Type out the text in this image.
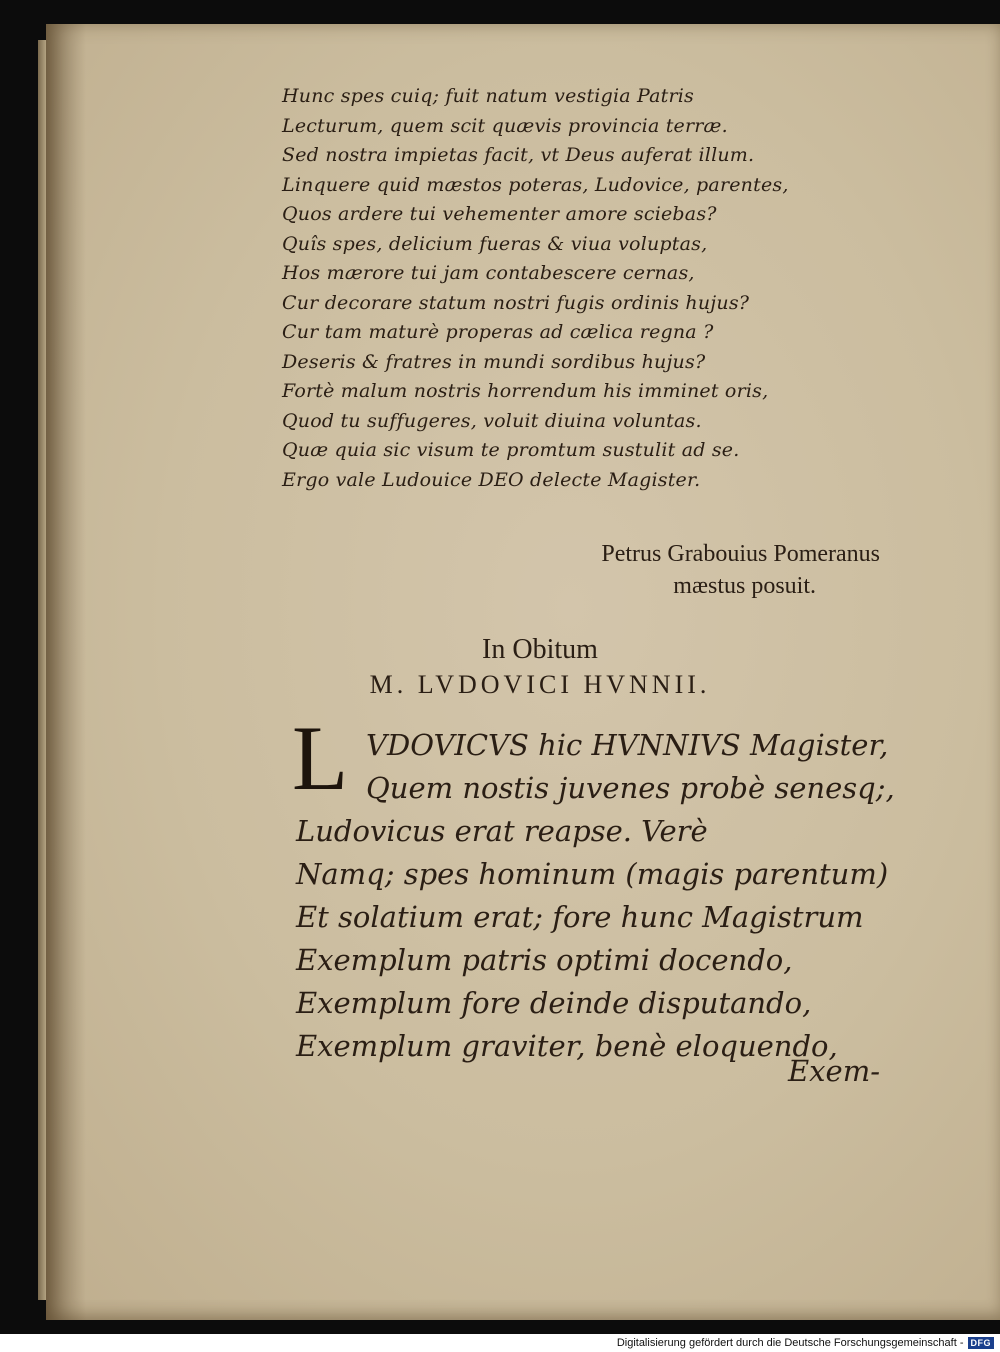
Hunc spes cuiq; fuit natum vestigia Patris
Lecturum, quem scit quævis provincia terræ.
Sed nostra impietas facit, vt Deus auferat illum.
Linquere quid mæstos poteras, Ludovice, parentes,
Quos ardere tui vehementer amore sciebas?
Quîs spes, delicium fueras & viua voluptas,
Hos mærore tui jam contabescere cernas,
Cur decorare statum nostri fugis ordinis hujus?
Cur tam maturè properas ad cælica regna ?
Deseris & fratres in mundi sordibus hujus?
Fortè malum nostris horrendum his imminet oris,
Quod tu suffugeres, voluit diuina voluntas.
Quæ quia sic visum te promtum sustulit ad se.
Ergo vale Ludouice DEO delecte Magister.
Petrus Grabouius Pomeranus
mæstus posuit.
In Obitum
M. LVDOVICI HVNNII.
L VDOVICVS hic HVNNIVS Magister,
Quem nostis juvenes probè senesq;,
Ludovicus erat reapse. Verè
Namq; spes hominum (magis parentum)
Et solatium erat; fore hunc Magistrum
Exemplum patris optimi docendo,
Exemplum fore deinde disputando,
Exemplum graviter, benè eloquendo,
Exem-
Digitalisierung gefördert durch die Deutsche Forschungsgemeinschaft - DFG
